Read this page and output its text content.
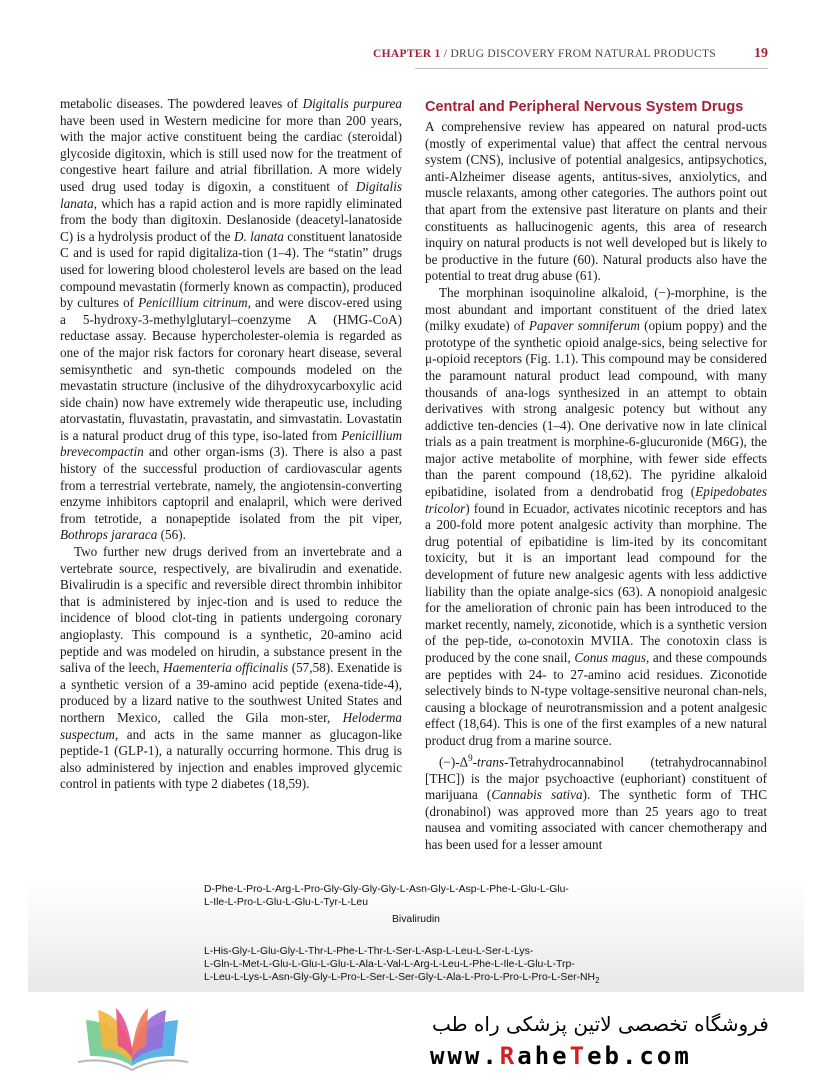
CHAPTER 1 / DRUG DISCOVERY FROM NATURAL PRODUCTS	19

metabolic diseases. The powdered leaves of Digitalis purpurea have been used in Western medicine for more than 200 years, with the major active constituent being the cardiac (steroidal) glycoside digitoxin, which is still used now for the treatment of congestive heart failure and atrial fibrillation. A more widely used drug used today is digoxin, a constituent of Digitalis lanata, which has a rapid action and is more rapidly eliminated from the body than digitoxin. Deslanoside (deacetyl-lanatoside C) is a hydrolysis product of the D. lanata constituent lanatoside C and is used for rapid digitaliza-tion (1–4). The “statin” drugs used for lowering blood cholesterol levels are based on the lead compound mevastatin (formerly known as compactin), produced by cultures of Penicillium citrinum, and were discov-ered using a 5-hydroxy-3-methylglutaryl–coenzyme A (HMG-CoA) reductase assay. Because hypercholester-olemia is regarded as one of the major risk factors for coronary heart disease, several semisynthetic and syn-thetic compounds modeled on the mevastatin structure (inclusive of the dihydroxycarboxylic acid side chain) now have extremely wide therapeutic use, including atorvastatin, fluvastatin, pravastatin, and simvastatin. Lovastatin is a natural product drug of this type, iso-lated from Penicillium brevecompactin and other organ-isms (3). There is also a past history of the successful production of cardiovascular agents from a terrestrial vertebrate, namely, the angiotensin-converting enzyme inhibitors captopril and enalapril, which were derived from tetrotide, a nonapeptide isolated from the pit viper, Bothrops jararaca (56).

Two further new drugs derived from an invertebrate and a vertebrate source, respectively, are bivalirudin and exenatide. Bivalirudin is a specific and reversible direct thrombin inhibitor that is administered by injec-tion and is used to reduce the incidence of blood clot-ting in patients undergoing coronary angioplasty. This compound is a synthetic, 20-amino acid peptide and was modeled on hirudin, a substance present in the saliva of the leech, Haementeria officinalis (57,58). Exenatide is a synthetic version of a 39-amino acid peptide (exena-tide-4), produced by a lizard native to the southwest United States and northern Mexico, called the Gila mon-ster, Heloderma suspectum, and acts in the same manner as glucagon-like peptide-1 (GLP-1), a naturally occurring hormone. This drug is also administered by injection and enables improved glycemic control in patients with type 2 diabetes (18,59).

Central and Peripheral Nervous System Drugs

A comprehensive review has appeared on natural prod-ucts (mostly of experimental value) that affect the central nervous system (CNS), inclusive of potential analgesics, antipsychotics, anti-Alzheimer disease agents, antitus-sives, anxiolytics, and muscle relaxants, among other categories. The authors point out that apart from the extensive past literature on plants and their constituents as hallucinogenic agents, this area of research inquiry on natural products is not well developed but is likely to be productive in the future (60). Natural products also have the potential to treat drug abuse (61).

The morphinan isoquinoline alkaloid, (−)-morphine, is the most abundant and important constituent of the dried latex (milky exudate) of Papaver somniferum (opium poppy) and the prototype of the synthetic opioid analge-sics, being selective for μ-opioid receptors (Fig. 1.1). This compound may be considered the paramount natural product lead compound, with many thousands of ana-logs synthesized in an attempt to obtain derivatives with strong analgesic potency but without any addictive ten-dencies (1–4). One derivative now in late clinical trials as a pain treatment is morphine-6-glucuronide (M6G), the major active metabolite of morphine, with fewer side effects than the parent compound (18,62). The pyridine alkaloid epibatidine, isolated from a dendrobatid frog (Epipedobates tricolor) found in Ecuador, activates nicotinic receptors and has a 200-fold more potent analgesic activity than morphine. The drug potential of epibatidine is lim-ited by its concomitant toxicity, but it is an important lead compound for the development of future new analgesic agents with less addictive liability than the opiate analge-sics (63). A nonopioid analgesic for the amelioration of chronic pain has been introduced to the market recently, namely, ziconotide, which is a synthetic version of the pep-tide, ω-conotoxin MVIIA. The conotoxin class is produced by the cone snail, Conus magus, and these compounds are peptides with 24- to 27-amino acid residues. Ziconotide selectively binds to N-type voltage-sensitive neuronal chan-nels, causing a blockage of neurotransmission and a potent analgesic effect (18,64). This is one of the first examples of a new natural product drug from a marine source.

$(-)-\Delta^9-trans$-Tetrahydrocannabinol (tetrahydrocannabinol [THC]) is the major psychoactive (euphoriant) constituent of marijuana (Cannabis sativa). The synthetic form of THC (dronabinol) was approved more than 25 years ago to treat nausea and vomiting associated with cancer chemotherapy and has been used for a lesser amount

D-Phe-L-Pro-L-Arg-L-Pro-Gly-Gly-Gly-Gly-L-Asn-Gly-L-Asp-L-Phe-L-Glu-L-Glu-
L-Ile-L-Pro-L-Glu-L-Glu-L-Tyr-L-Leu
Bivalirudin
L-His-Gly-L-Glu-Gly-L-Thr-L-Phe-L-Thr-L-Ser-L-Asp-L-Leu-L-Ser-L-Lys-
L-Gln-L-Met-L-Glu-L-Glu-L-Glu-L-Ala-L-Val-L-Arg-L-Leu-L-Phe-L-Ile-L-Glu-L-Trp-
$L-Leu-L-Lys-L-Asn-Gly-Gly-L-Pro-L-Ser-L-Ser-Gly-L-Ala-L-Pro-L-Pro-L-Pro-L-Ser-NH_2$
فروشگاه تخصصی لاتین پزشکی راه طب
www.RaheTeb.com
